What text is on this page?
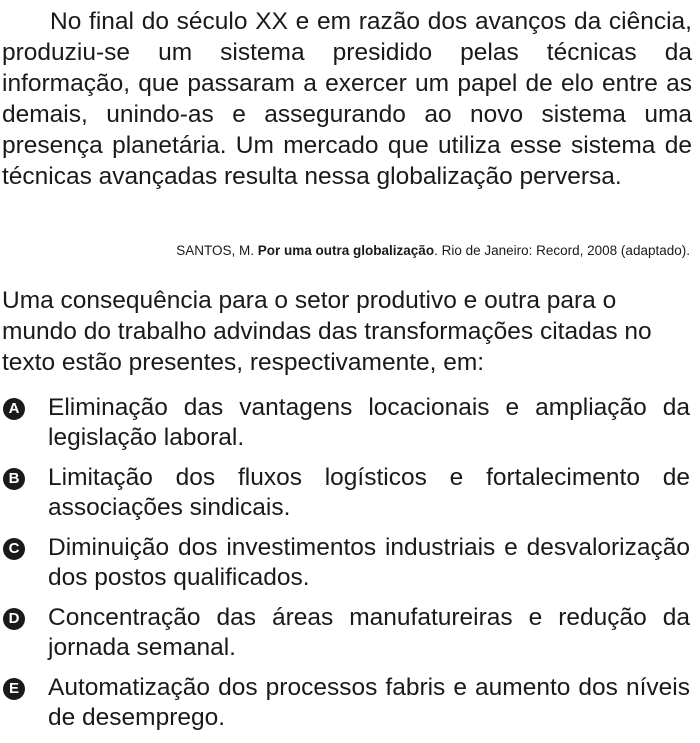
No final do século XX e em razão dos avanços da ciência, produziu-se um sistema presidido pelas técnicas da informação, que passaram a exercer um papel de elo entre as demais, unindo-as e assegurando ao novo sistema uma presença planetária. Um mercado que utiliza esse sistema de técnicas avançadas resulta nessa globalização perversa.

SANTOS, M. Por uma outra globalização. Rio de Janeiro: Record, 2008 (adaptado).

Uma consequência para o setor produtivo e outra para o mundo do trabalho advindas das transformações citadas no texto estão presentes, respectivamente, em:

A Eliminação das vantagens locacionais e ampliação da legislação laboral.

B Limitação dos fluxos logísticos e fortalecimento de associações sindicais.

C Diminuição dos investimentos industriais e desvalorização dos postos qualificados.

D Concentração das áreas manufatureiras e redução da jornada semanal.

E Automatização dos processos fabris e aumento dos níveis de desemprego.
